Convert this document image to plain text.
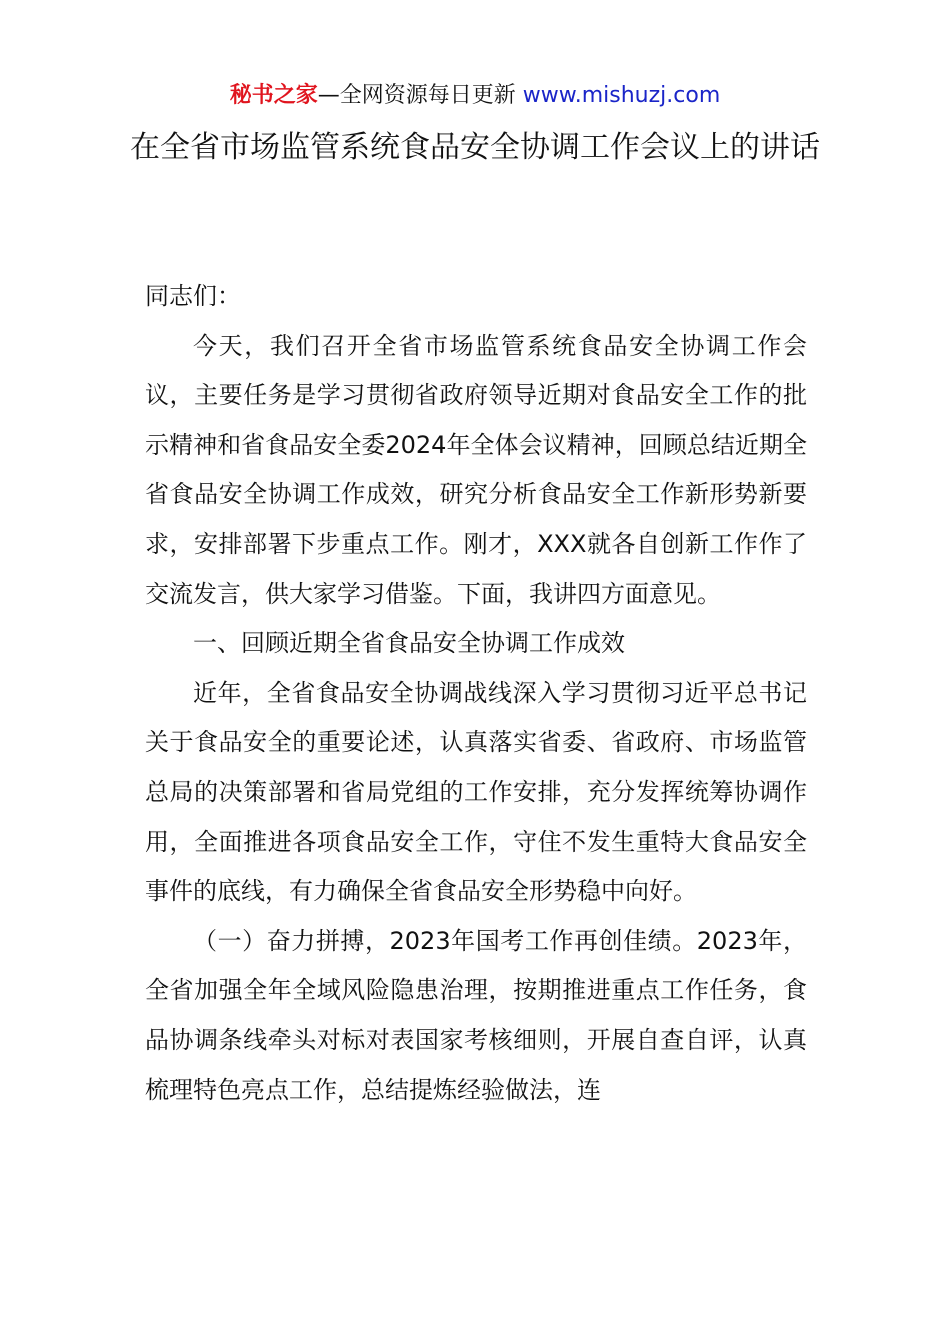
秘书之家—全网资源每日更新 www.mishuzj.com
在全省市场监管系统食品安全协调工作会议上的讲话

同志们：

今天，我们召开全省市场监管系统食品安全协调工作会议，主要任务是学习贯彻省政府领导近期对食品安全工作的批示精神和省食品安全委2024年全体会议精神，回顾总结近期全省食品安全协调工作成效，研究分析食品安全工作新形势新要求，安排部署下步重点工作。刚才，XXX就各自创新工作作了交流发言，供大家学习借鉴。下面，我讲四方面意见。

一、回顾近期全省食品安全协调工作成效

近年，全省食品安全协调战线深入学习贯彻习近平总书记关于食品安全的重要论述，认真落实省委、省政府、市场监管总局的决策部署和省局党组的工作安排，充分发挥统筹协调作用，全面推进各项食品安全工作，守住不发生重特大食品安全事件的底线，有力确保全省食品安全形势稳中向好。

（一）奋力拼搏，2023年国考工作再创佳绩。2023年，全省加强全年全域风险隐患治理，按期推进重点工作任务，食品协调条线牵头对标对表国家考核细则，开展自查自评，认真梳理特色亮点工作，总结提炼经验做法，连
